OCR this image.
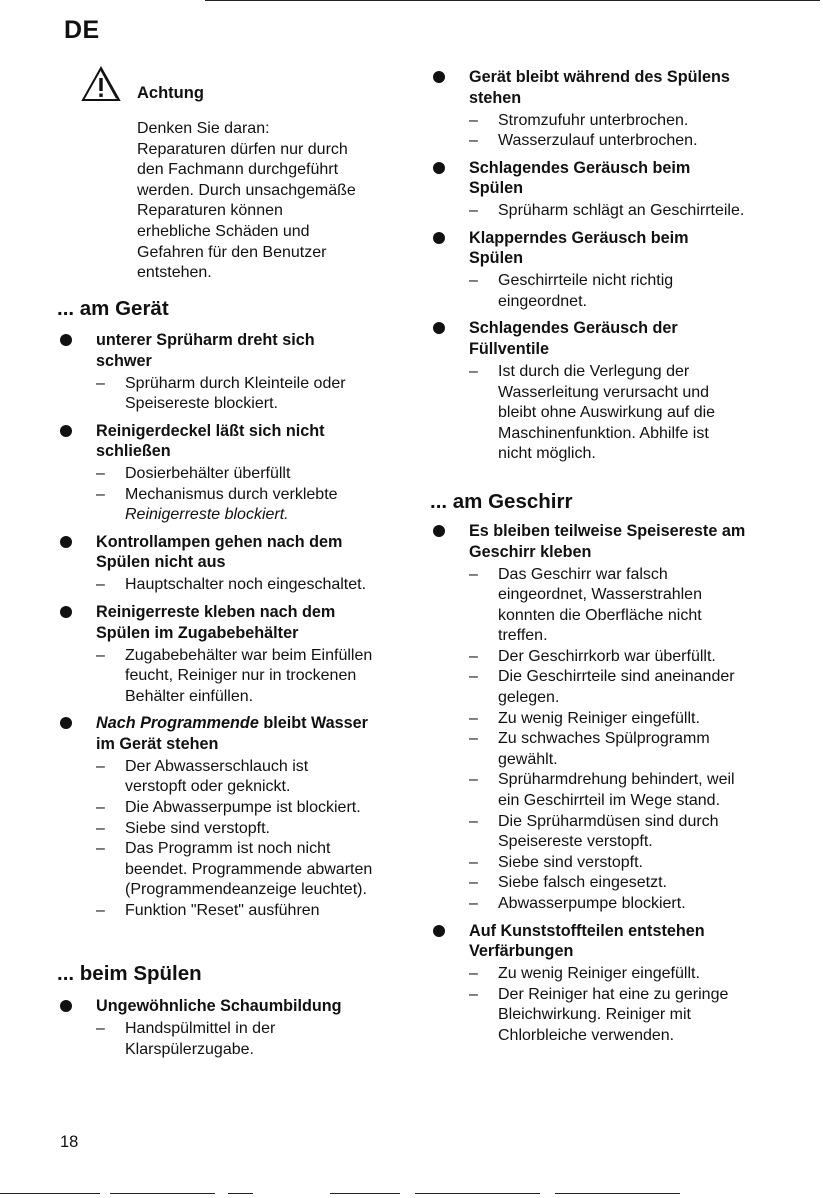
DE
Achtung
Denken Sie daran:
Reparaturen dürfen nur durch
den Fachmann durchgeführt
werden. Durch unsachgemäße
Reparaturen können
erhebliche Schäden und
Gefahren für den Benutzer
entstehen.
... am Gerät
unterer Sprüharm dreht sich
schwer
– Sprüharm durch Kleinteile oder
Speisereste blockiert.
Reinigerdeckel läßt sich nicht
schließen
– Dosierbehälter überfüllt
– Mechanismus durch verklebte
Reinigerreste blockiert.
Kontrollampen gehen nach dem
Spülen nicht aus
– Hauptschalter noch eingeschaltet.
Reinigerreste kleben nach dem
Spülen im Zugabebehälter
– Zugabebehälter war beim Einfüllen
feucht, Reiniger nur in trockenen
Behälter einfüllen.
Nach Programmende bleibt Wasser
im Gerät stehen
– Der Abwasserschlauch ist
verstopft oder geknickt.
– Die Abwasserpumpe ist blockiert.
– Siebe sind verstopft.
– Das Programm ist noch nicht
beendet. Programmende abwarten
(Programmendeanzeige leuchtet).
– Funktion "Reset" ausführen
... beim Spülen
Ungewöhnliche Schaumbildung
– Handspülmittel in der
Klarspülerzugabe.
18
Gerät bleibt während des Spülens
stehen
– Stromzufuhr unterbrochen.
– Wasserzulauf unterbrochen.
Schlagendes Geräusch beim
Spülen
– Sprüharm schlägt an Geschirrteile.
Klapperndes Geräusch beim
Spülen
– Geschirrteile nicht richtig
eingeordnet.
Schlagendes Geräusch der
Füllventile
– Ist durch die Verlegung der
Wasserleitung verursacht und
bleibt ohne Auswirkung auf die
Maschinenfunktion. Abhilfe ist
nicht möglich.
... am Geschirr
Es bleiben teilweise Speisereste am
Geschirr kleben
– Das Geschirr war falsch
eingeordnet, Wasserstrahlen
konnten die Oberfläche nicht
treffen.
– Der Geschirrkorb war überfüllt.
– Die Geschirrteile sind aneinander
gelegen.
– Zu wenig Reiniger eingefüllt.
– Zu schwaches Spülprogramm
gewählt.
– Sprüharmdrehung behindert, weil
ein Geschirrteil im Wege stand.
– Die Sprüharmdüsen sind durch
Speisereste verstopft.
– Siebe sind verstopft.
– Siebe falsch eingesetzt.
– Abwasserpumpe blockiert.
Auf Kunststoffteilen entstehen
Verfärbungen
– Zu wenig Reiniger eingefüllt.
– Der Reiniger hat eine zu geringe
Bleichwirkung. Reiniger mit
Chlorbleiche verwenden.
